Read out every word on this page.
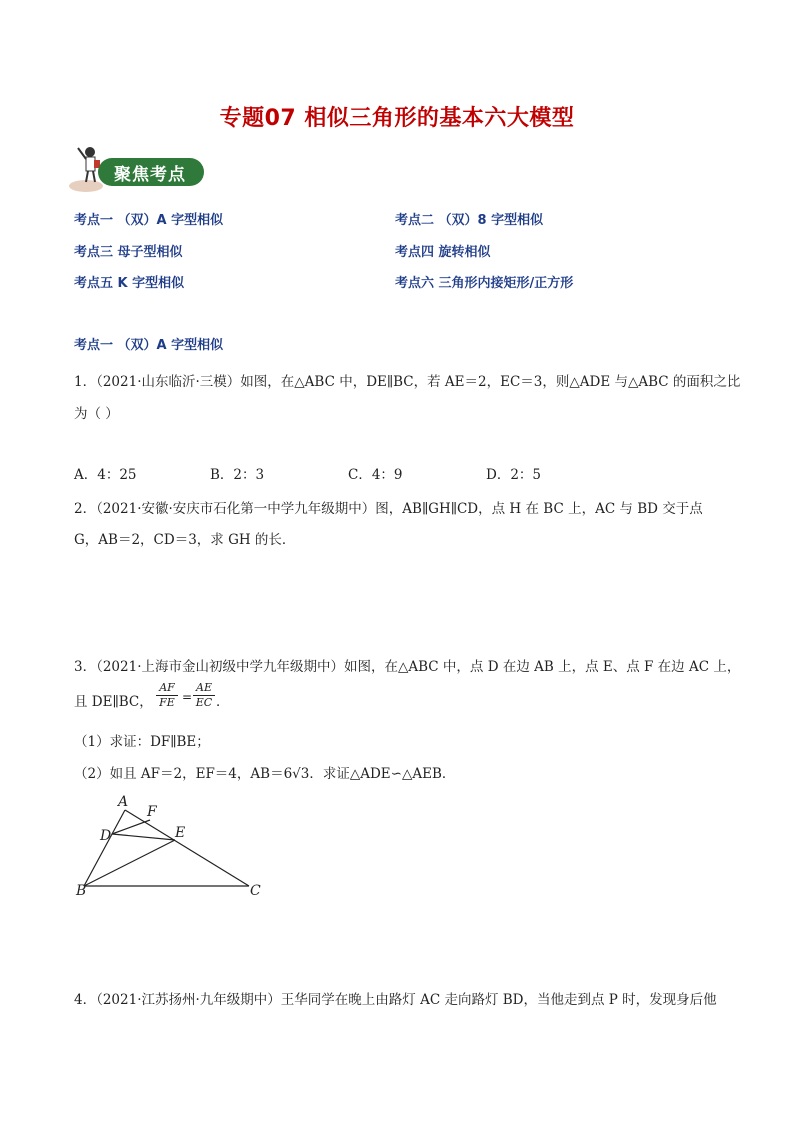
专题07 相似三角形的基本六大模型
聚焦考点
考点一 （双）A 字型相似	考点二 （双）8 字型相似
考点三 母子型相似	考点四 旋转相似
考点五 K 字型相似	考点六 三角形内接矩形/正方形
考点一 （双）A 字型相似
1．（2021·山东临沂·三模）如图，在△ABC 中，DE∥BC，若 AE＝2，EC＝3，则△ADE 与△ABC 的面积之比
为（ ）
A．4：25	B．2：3	C．4：9	D．2：5
2．（2021·安徽·安庆市石化第一中学九年级期中）图，AB∥GH∥CD，点 H 在 BC 上，AC 与 BD 交于点
G，AB＝2，CD＝3，求 GH 的长．
3．（2021·上海市金山初级中学九年级期中）如图，在△ABC 中，点 D 在边 AB 上，点 E、点 F 在边 AC 上，
且 DE∥BC，
AF
FE =
AE
EC ．
（1）求证：DF∥BE；
（2）如且 AF＝2，EF＝4，AB＝6√3．求证△ADE∽△AEB．
A
F
D	E
B	C
4．（2021·江苏扬州·九年级期中）王华同学在晚上由路灯 AC 走向路灯 BD，当他走到点 P 时，发现身后他
